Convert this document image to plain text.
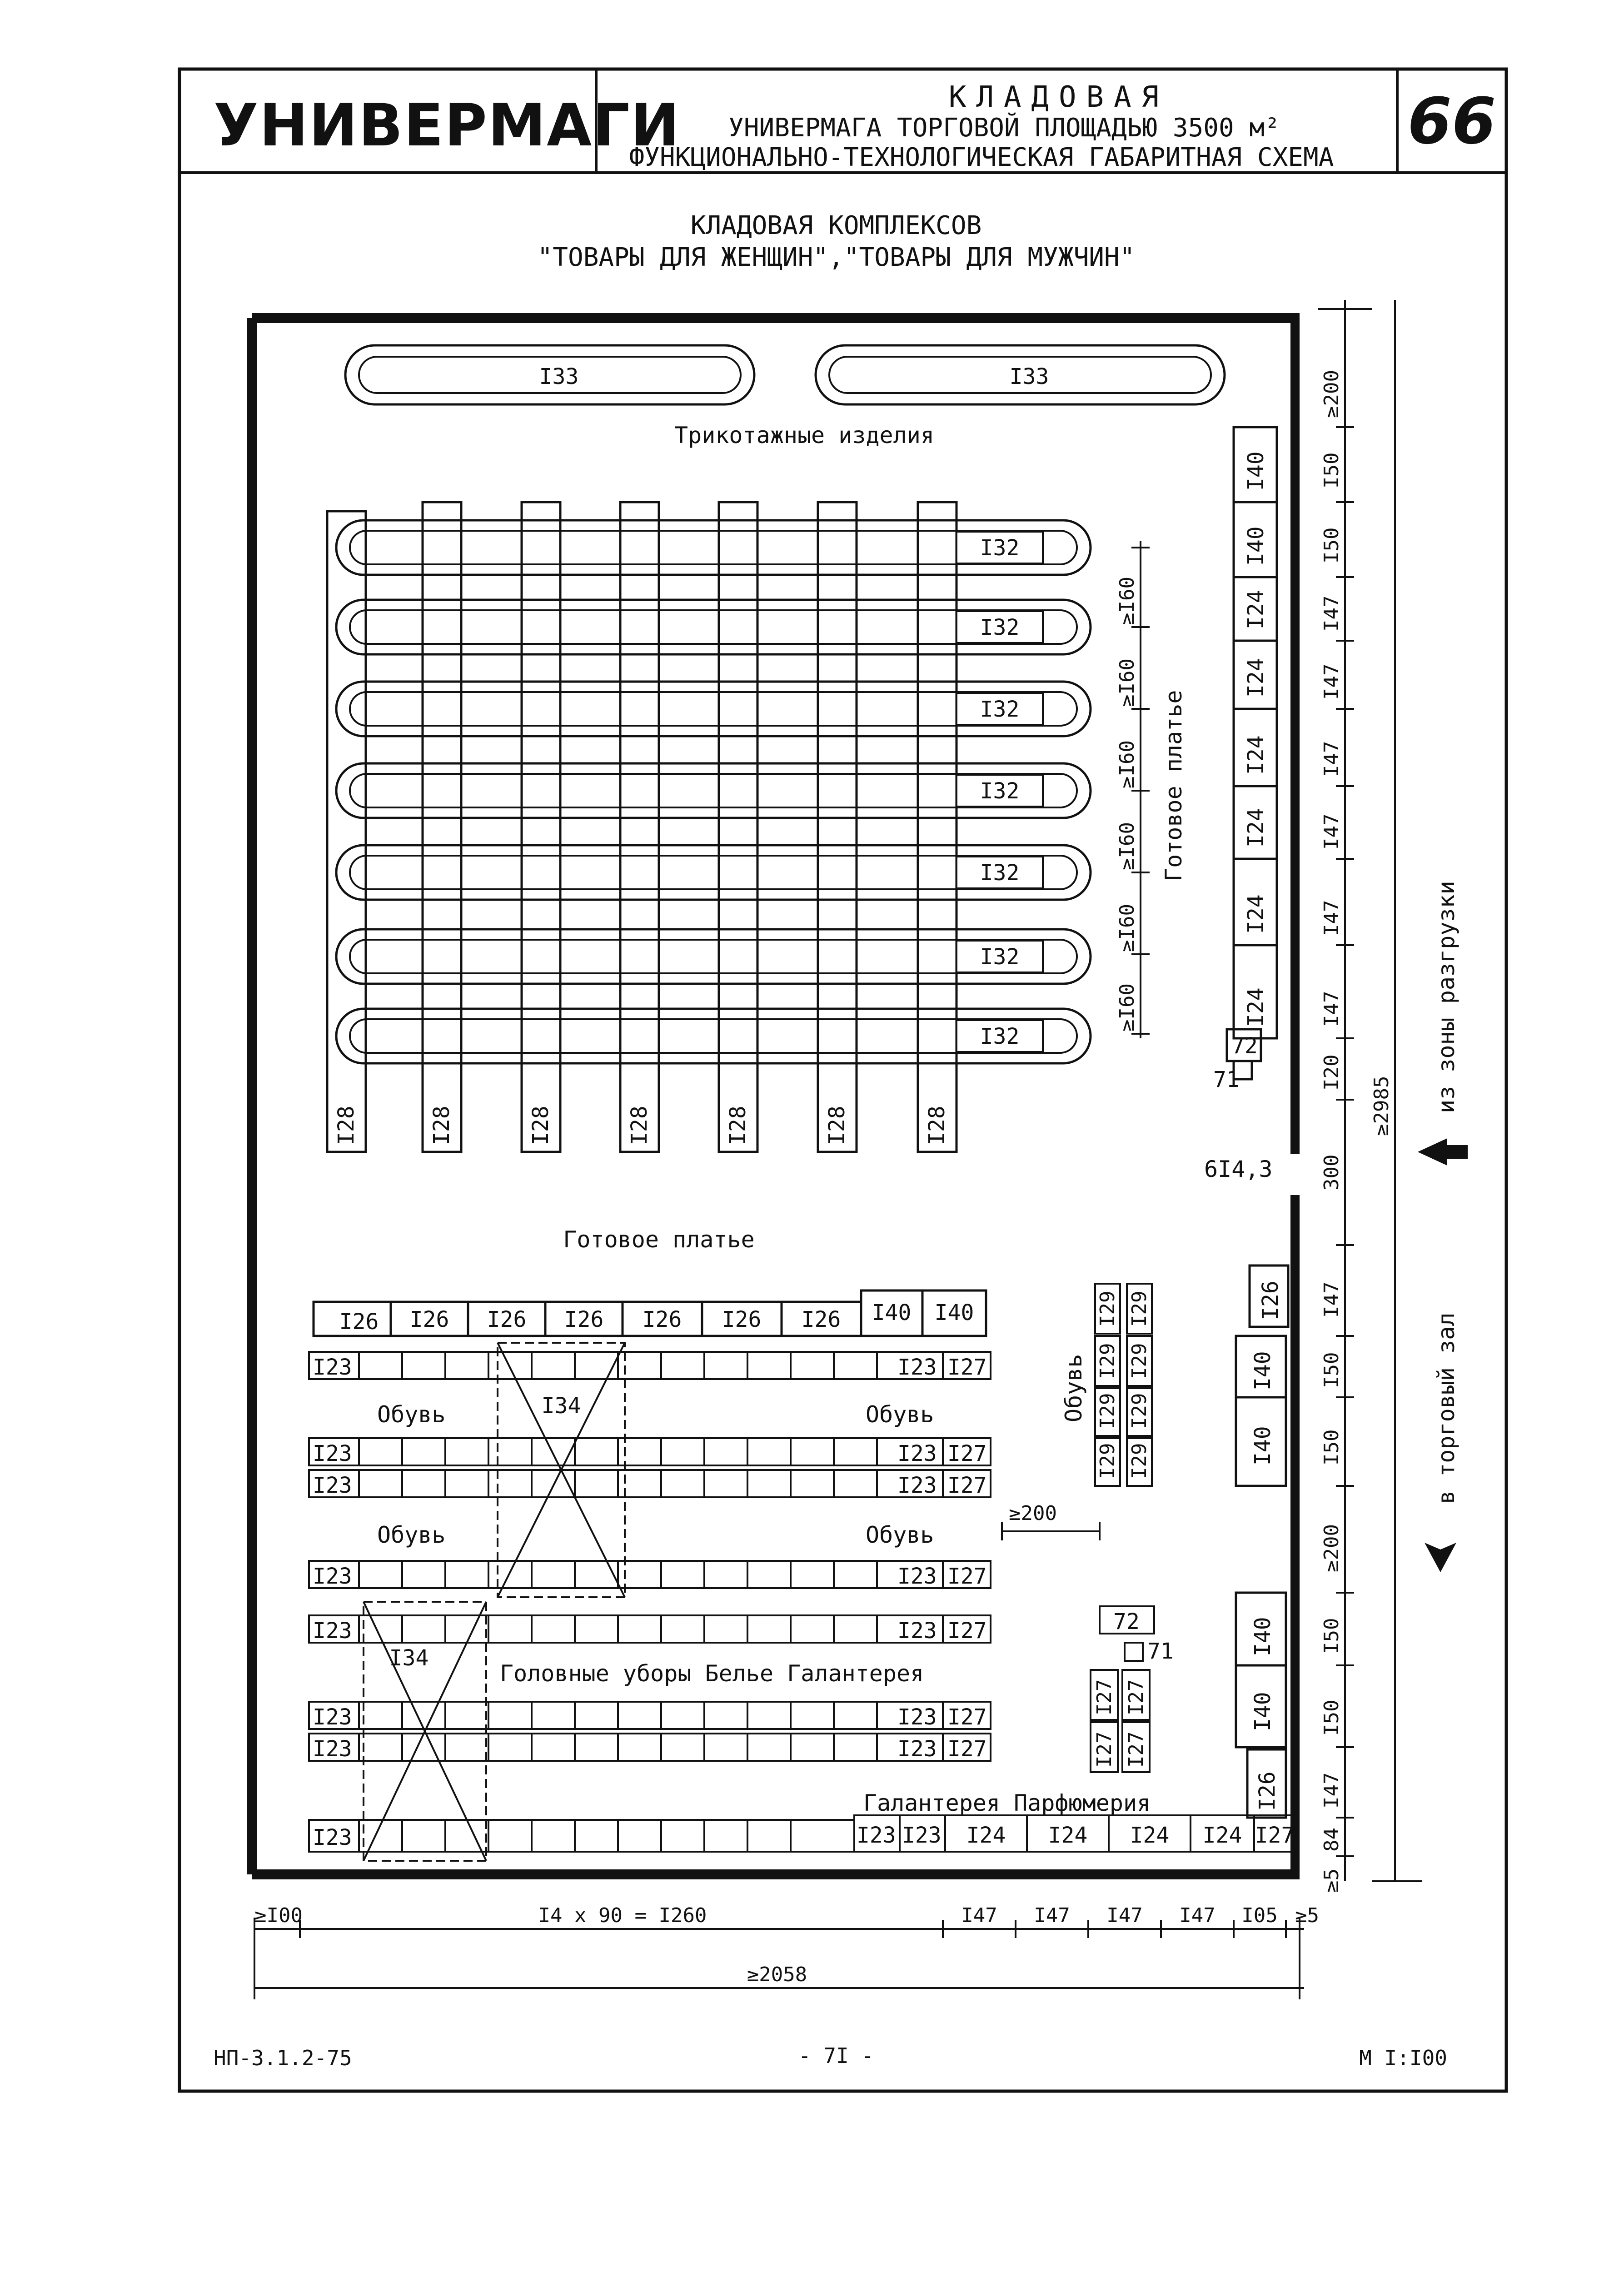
УНИВЕРМАГИ	КЛАДОВАЯ
УНИВЕРМАГА ТОРГОВОЙ ПЛОЩАДЬЮ 3500 м²
ФУНКЦИОНАЛЬНО-ТЕХНОЛОГИЧЕСКАЯ ГАБАРИТНАЯ СХЕМА 66
КЛАДОВАЯ КОМПЛЕКСОВ
"ТОВАРЫ ДЛЯ ЖЕНЩИН","ТОВАРЫ ДЛЯ МУЖЧИН"
I33	I33
Трикотажные изделия
I32
I32
I32
I32
I32
I32
I32
I28	I28	I28	I28	I28	I28	I28
≥I60
≥I60
≥I60
≥I60
≥I60
≥I60
Готовое платье
I40
I40
I24
I24
I24
I24
I24
I24
72
71
6I4,3
Готовое платье
I26 I26 I26 I26 I26 I26 I26 I40 I40
I23	I23 I27
I23	I23 I27
I23	I23 I27
I23	I23 I27
I23	I23 I27
I23	I23 I27
I23	I23 I27
I23	I23 I23 I24 I24 I24 I24 I27
I34
I34
Обувь	Обувь
Обувь	Обувь
Головные уборы Белье Галантерея
Галантерея Парфюмерия
Обувь
≥200
I29 I29
I29 I29
I29 I29
I29 I29
72
71
I27 I27
I27 I27
I26
I40
I40
I40
I40
I26
≥200
I50
I50
I47
I47
I47
I47
I47
I47
I20
300
I47
I50
I50
≥200
I50
I50
I47
84
≥5
≥2985 из зоны разгрузки
в торговый зал
≥I00	I4 x 90 = I260	I47 I47 I47 I47 I05 ≥5
≥2058
НП-3.1.2-75	- 7I -	М I:I00
